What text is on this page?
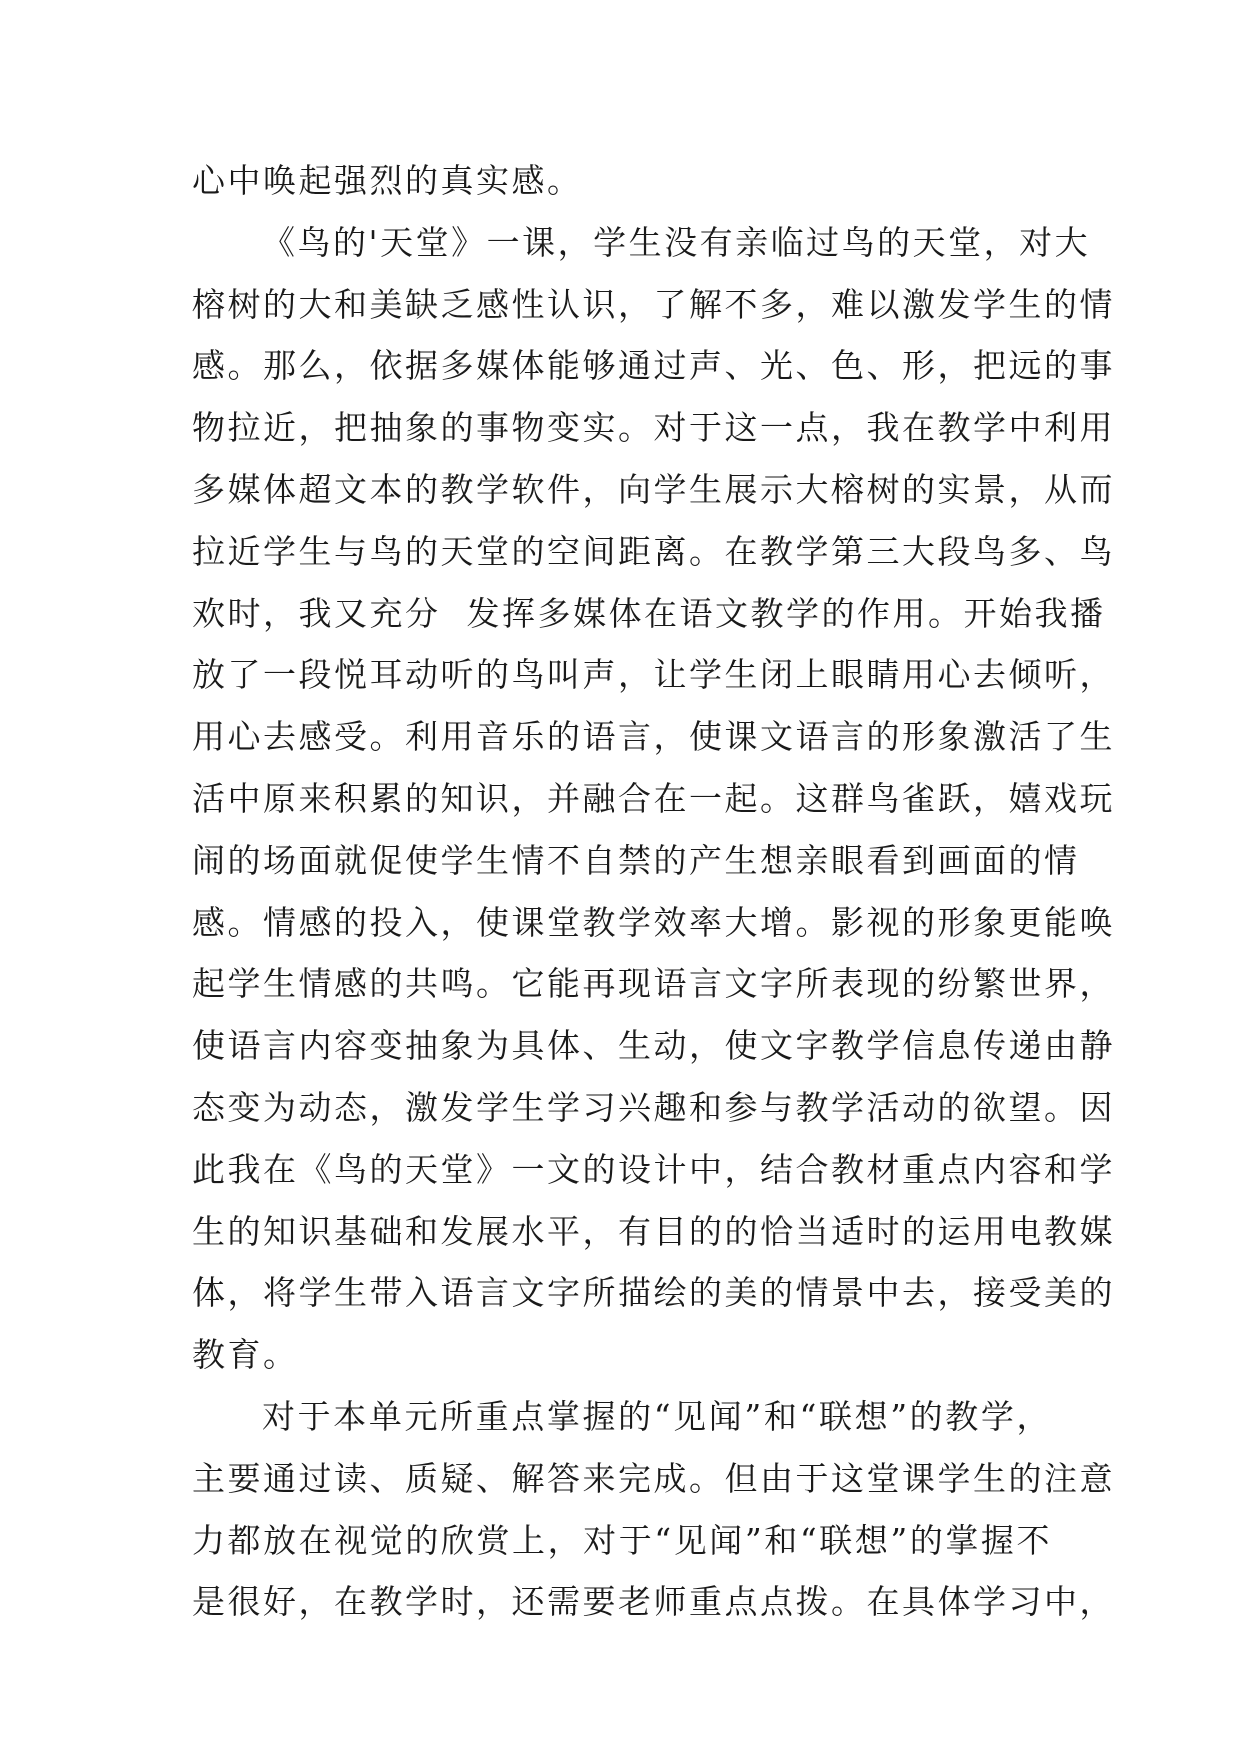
心中唤起强烈的真实感。
《鸟的'天堂》一课，学生没有亲临过鸟的天堂，对大
榕树的大和美缺乏感性认识，了解不多，难以激发学生的情
感。那么，依据多媒体能够通过声、光、色、形，把远的事
物拉近，把抽象的事物变实。对于这一点，我在教学中利用
多媒体超文本的教学软件，向学生展示大榕树的实景，从而
拉近学生与鸟的天堂的空间距离。在教学第三大段鸟多、鸟
欢时，我又充分  发挥多媒体在语文教学的作用。开始我播
放了一段悦耳动听的鸟叫声，让学生闭上眼睛用心去倾听，
用心去感受。利用音乐的语言，使课文语言的形象激活了生
活中原来积累的知识，并融合在一起。这群鸟雀跃，嬉戏玩
闹的场面就促使学生情不自禁的产生想亲眼看到画面的情
感。情感的投入，使课堂教学效率大增。影视的形象更能唤
起学生情感的共鸣。它能再现语言文字所表现的纷繁世界，
使语言内容变抽象为具体、生动，使文字教学信息传递由静
态变为动态，激发学生学习兴趣和参与教学活动的欲望。因
此我在《鸟的天堂》一文的设计中，结合教材重点内容和学
生的知识基础和发展水平，有目的的恰当适时的运用电教媒
体，将学生带入语言文字所描绘的美的情景中去，接受美的
教育。
对于本单元所重点掌握的“见闻”和“联想”的教学，
主要通过读、质疑、解答来完成。但由于这堂课学生的注意
力都放在视觉的欣赏上，对于“见闻”和“联想”的掌握不
是很好，在教学时，还需要老师重点点拨。在具体学习中，
